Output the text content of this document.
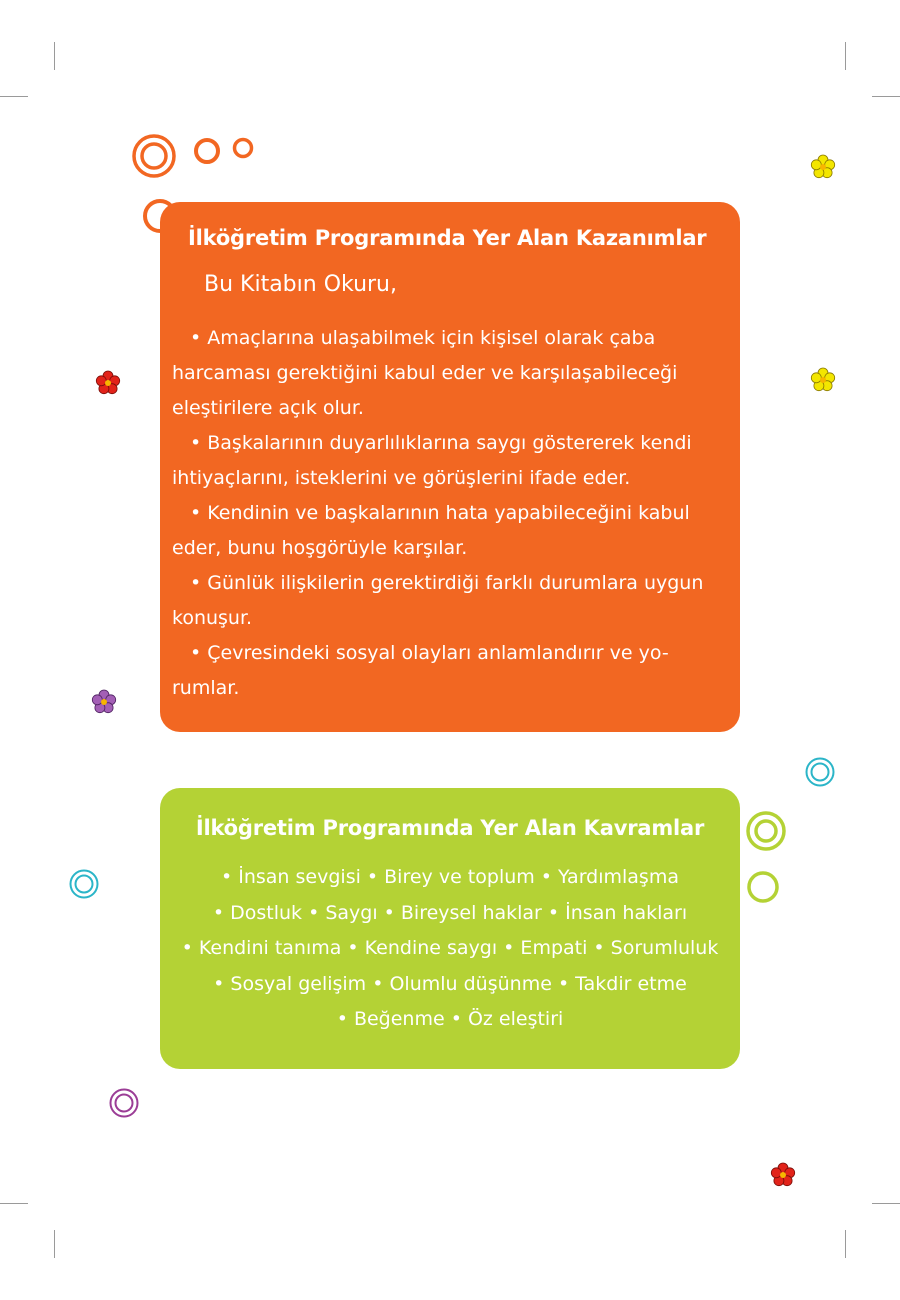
İlköğretim Programında Yer Alan Kazanımlar
Bu Kitabın Okuru,

• Amaçlarına ulaşabilmek için kişisel olarak çaba
harcaması gerektiğini kabul eder ve karşılaşabileceği
eleştirilere açık olur.

• Başkalarının duyarlılıklarına saygı göstererek kendi
ihtiyaçlarını, isteklerini ve görüşlerini ifade eder.

• Kendinin ve başkalarının hata yapabileceğini kabul
eder, bunu hoşgörüyle karşılar.

• Günlük ilişkilerin gerektirdiği farklı durumlara uygun
konuşur.

• Çevresindeki sosyal olayları anlamlandırır ve yo-
rumlar.

İlköğretim Programında Yer Alan Kavramlar
• İnsan sevgisi • Birey ve toplum • Yardımlaşma
• Dostluk • Saygı • Bireysel haklar • İnsan hakları
• Kendini tanıma • Kendine saygı • Empati • Sorumluluk
• Sosyal gelişim • Olumlu düşünme • Takdir etme
• Beğenme • Öz eleştiri
